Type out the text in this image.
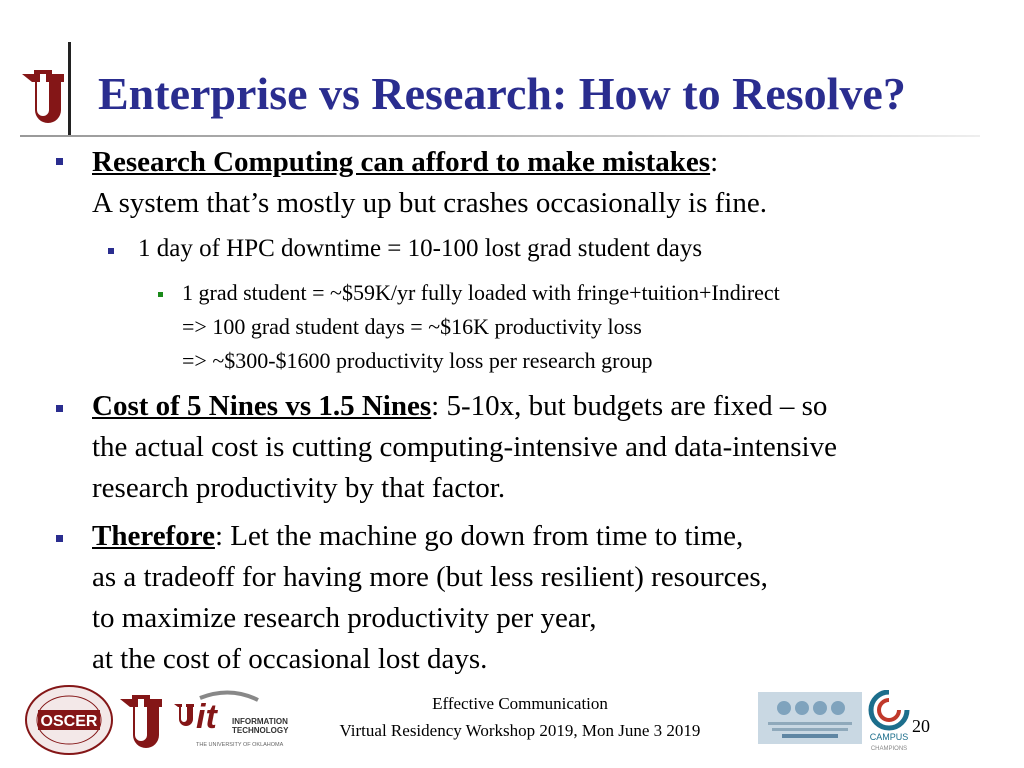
Enterprise vs Research: How to Resolve?
Research Computing can afford to make mistakes:
A system that’s mostly up but crashes occasionally is fine.
1 day of HPC downtime = 10-100 lost grad student days
1 grad student = ~$59K/yr fully loaded with fringe+tuition+Indirect
=> 100 grad student days = ~$16K productivity loss
=> ~$300-$1600 productivity loss per research group
Cost of 5 Nines vs 1.5 Nines: 5-10x, but budgets are fixed – so
the actual cost is cutting computing-intensive and data-intensive
research productivity by that factor.
Therefore: Let the machine go down from time to time,
as a tradeoff for having more (but less resilient) resources,
to maximize research productivity per year,
at the cost of occasional lost days.
OSCER	it INFORMATION
TECHNOLOGY
THE UNIVERSITY OF OKLAHOMA
Effective Communication
Virtual Residency Workshop 2019, Mon June 3 2019	CAMPUS
CHAMPIONS
20
